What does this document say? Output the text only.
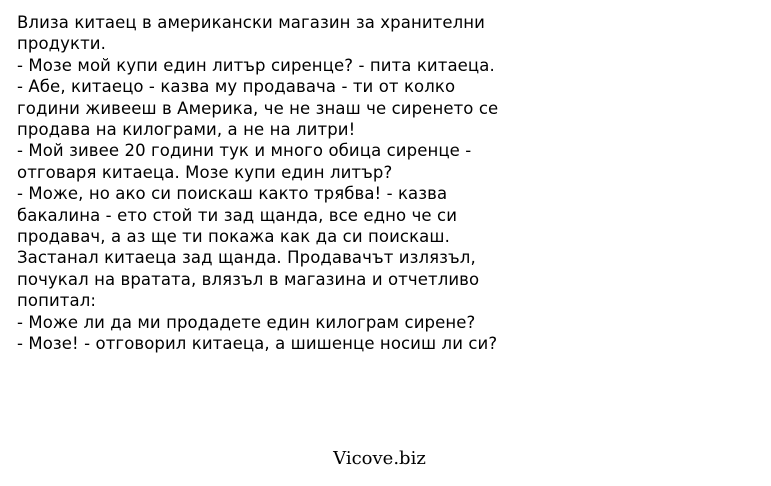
Влиза китаец в американски магазин за хранителни
продукти.
- Мозе мой купи един литър сиренце? - пита китаеца.
- Абе, китаецо - казва му продавача - ти от колко
години живееш в Америка, че не знаш че сиренето се
продава на килограми, а не на литри!
- Мой зивее 20 години тук и много обица сиренце -
отговаря китаеца. Мозе купи един литър?
- Може, но ако си поискаш както трябва! - казва
бакалина - ето стой ти зад щанда, все едно че си
продавач, а аз ще ти покажа как да си поискаш.
Застанал китаеца зад щанда. Продавачът излязъл,
почукал на вратата, влязъл в магазина и отчетливо
попитал:
- Може ли да ми продадете един килограм сирене?
- Мозе! - отговорил китаеца, а шишенце носиш ли си?
Vicove.biz
